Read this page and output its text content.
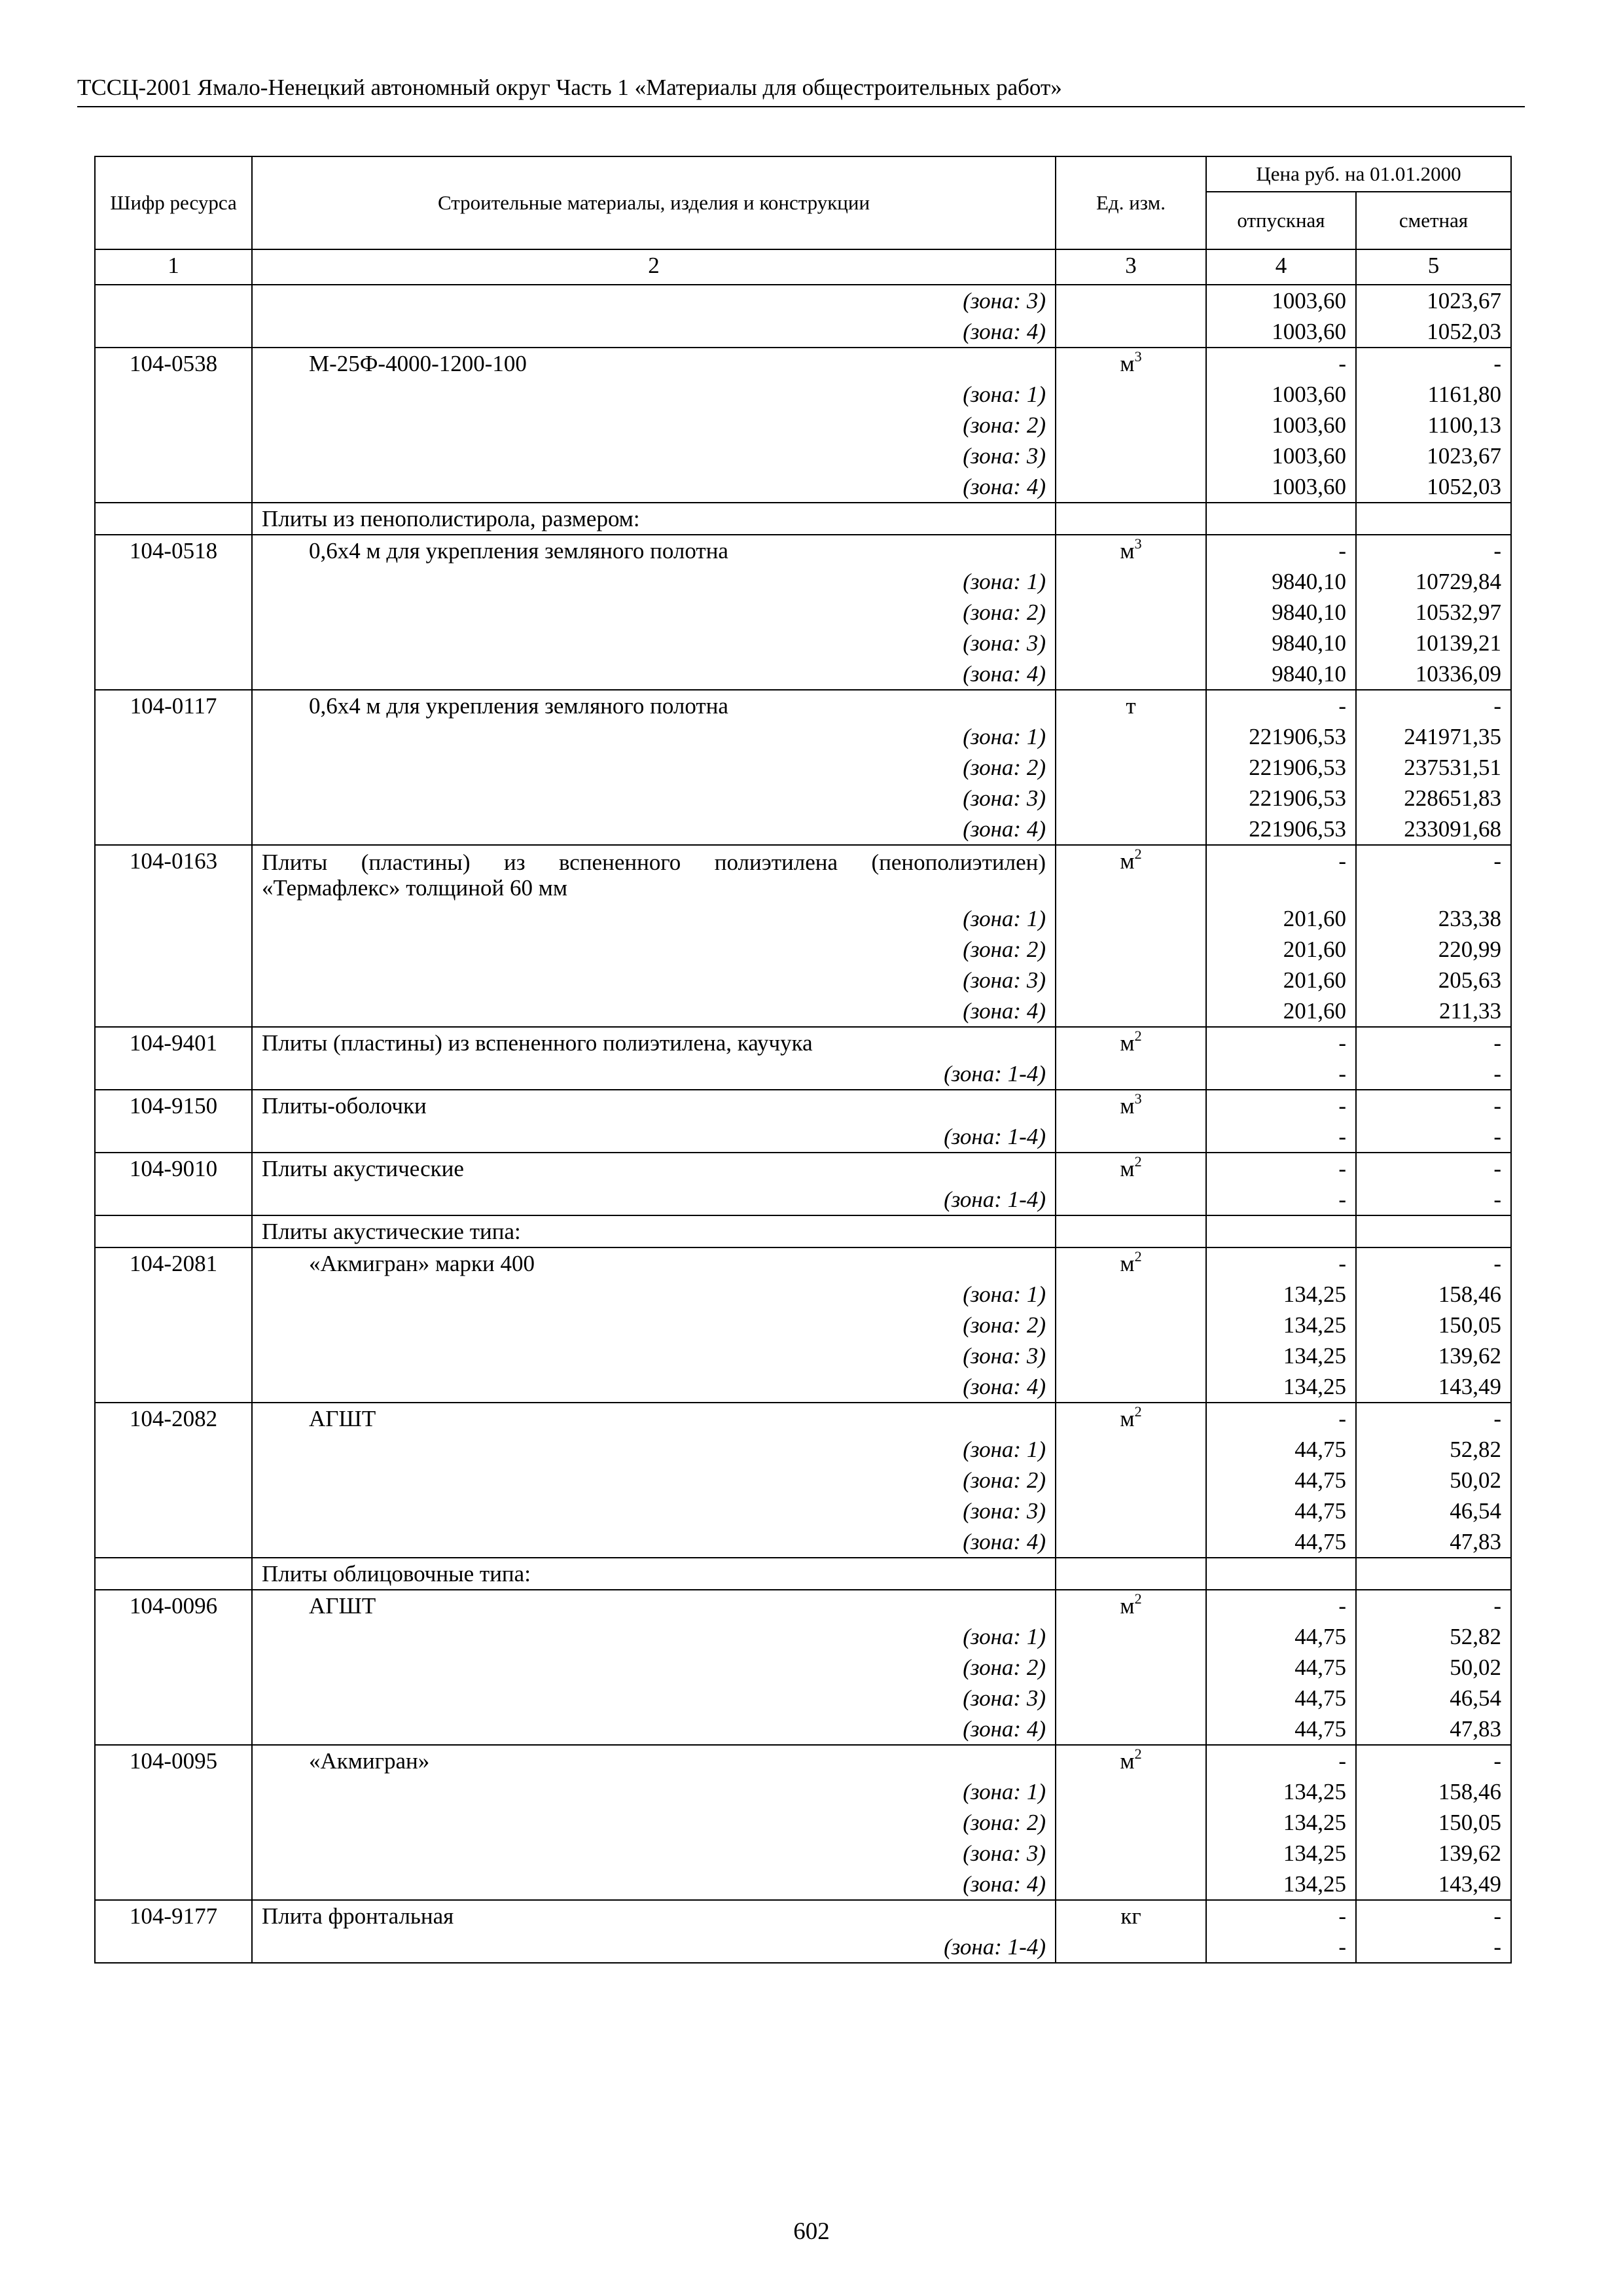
ТССЦ-2001 Ямало-Ненецкий автономный округ Часть 1 «Материалы для общестроительных работ»
Шифр ресурса	Строительные материалы, изделия и конструкции	Ед. изм.	Цена руб. на 01.01.2000	
			отпускная	сметная
1	2	3	4	5
	(зона: 3)		1003,60	1023,67
	(зона: 4)		1003,60	1052,03
104-0538	М-25Ф-4000-1200-100	$м^3$	-	-
	(зона: 1)		1003,60	1161,80
	(зона: 2)		1003,60	1100,13
	(зона: 3)		1003,60	1023,67
	(зона: 4)		1003,60	1052,03
	Плиты из пенополистирола, размером:			
104-0518	0,6х4 м для укрепления земляного полотна	$м^3$	-	-
	(зона: 1)		9840,10	10729,84
	(зона: 2)		9840,10	10532,97
	(зона: 3)		9840,10	10139,21
	(зона: 4)		9840,10	10336,09
104-0117	0,6х4 м для укрепления земляного полотна	т	-	-
	(зона: 1)		221906,53	241971,35
	(зона: 2)		221906,53	237531,51
	(зона: 3)		221906,53	228651,83
	(зона: 4)		221906,53	233091,68
104-0163	Плиты (пластины) из вспененного полиэтилена (пенополиэтилен) «Термафлекс» толщиной 60 мм	$м^2$	-	-
	(зона: 1)		201,60	233,38
	(зона: 2)		201,60	220,99
	(зона: 3)		201,60	205,63
	(зона: 4)		201,60	211,33
104-9401	Плиты (пластины) из вспененного полиэтилена, каучука	$м^2$	-	-
	(зона: 1-4)		-	-
104-9150	Плиты-оболочки	$м^3$	-	-
	(зона: 1-4)		-	-
104-9010	Плиты акустические	$м^2$	-	-
	(зона: 1-4)		-	-
	Плиты акустические типа:			
104-2081	«Акмигран» марки 400	$м^2$	-	-
	(зона: 1)		134,25	158,46
	(зона: 2)		134,25	150,05
	(зона: 3)		134,25	139,62
	(зона: 4)		134,25	143,49
104-2082	АГШТ	$м^2$	-	-
	(зона: 1)		44,75	52,82
	(зона: 2)		44,75	50,02
	(зона: 3)		44,75	46,54
	(зона: 4)		44,75	47,83
	Плиты облицовочные типа:			
104-0096	АГШТ	$м^2$	-	-
	(зона: 1)		44,75	52,82
	(зона: 2)		44,75	50,02
	(зона: 3)		44,75	46,54
	(зона: 4)		44,75	47,83
104-0095	«Акмигран»	$м^2$	-	-
	(зона: 1)		134,25	158,46
	(зона: 2)		134,25	150,05
	(зона: 3)		134,25	139,62
	(зона: 4)		134,25	143,49
104-9177	Плита фронтальная	кг	-	-
	(зона: 1-4)		-	-
602
